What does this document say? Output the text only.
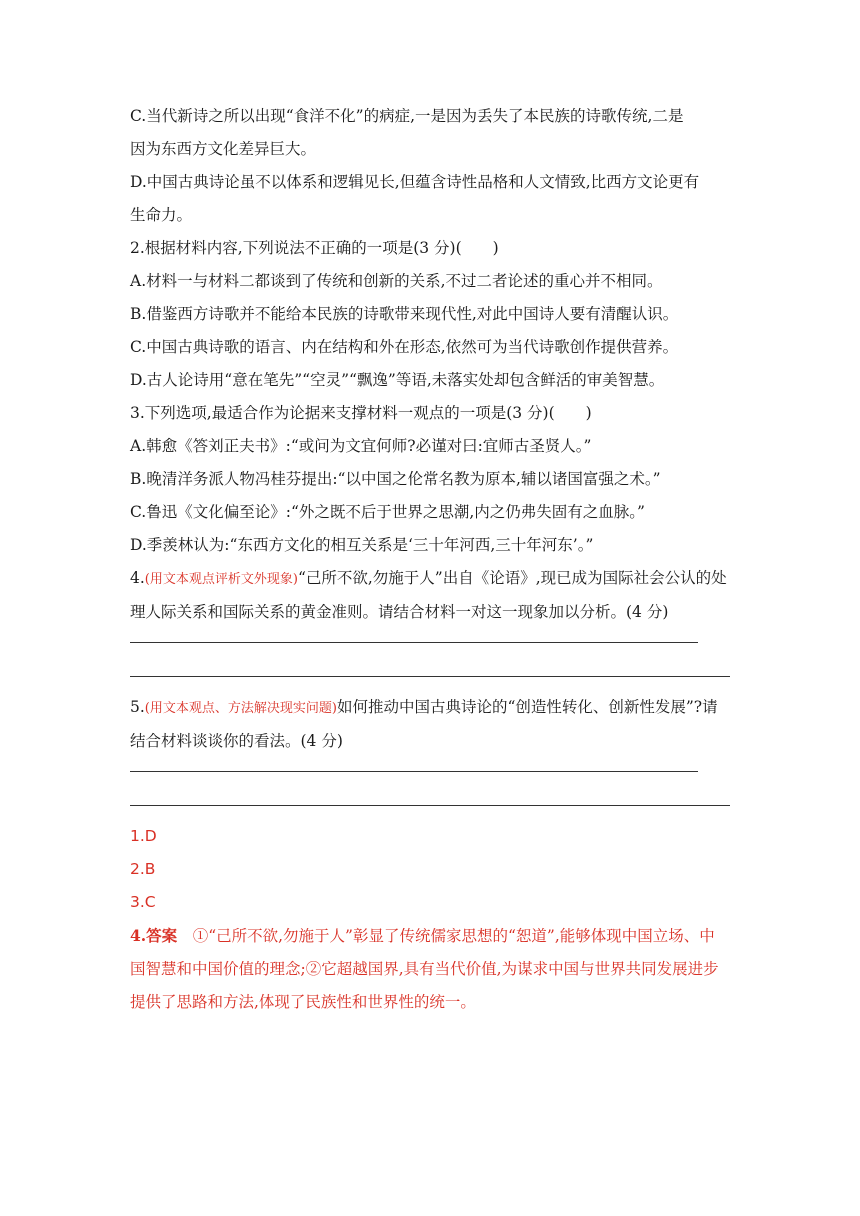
C.当代新诗之所以出现“食洋不化”的病症,一是因为丢失了本民族的诗歌传统,二是
因为东西方文化差异巨大。
D.中国古典诗论虽不以体系和逻辑见长,但蕴含诗性品格和人文情致,比西方文论更有
生命力。
2.根据材料内容,下列说法不正确的一项是(3 分)(　　)
A.材料一与材料二都谈到了传统和创新的关系,不过二者论述的重心并不相同。
B.借鉴西方诗歌并不能给本民族的诗歌带来现代性,对此中国诗人要有清醒认识。
C.中国古典诗歌的语言、内在结构和外在形态,依然可为当代诗歌创作提供营养。
D.古人论诗用“意在笔先”“空灵”“飘逸”等语,未落实处却包含鲜活的审美智慧。
3.下列选项,最适合作为论据来支撑材料一观点的一项是(3 分)(　　)
A.韩愈《答刘正夫书》:“或问为文宜何师?必谨对曰:宜师古圣贤人。”
B.晚清洋务派人物冯桂芬提出:“以中国之伦常名教为原本,辅以诸国富强之术。”
C.鲁迅《文化偏至论》:“外之既不后于世界之思潮,内之仍弗失固有之血脉。”
D.季羡林认为:“东西方文化的相互关系是‘三十年河西,三十年河东’。”
4.(用文本观点评析文外现象)“己所不欲,勿施于人”出自《论语》,现已成为国际社会公认的处理人际关系和国际关系的黄金准则。请结合材料一对这一现象加以分析。(4 分)
5.(用文本观点、方法解决现实问题)如何推动中国古典诗论的“创造性转化、创新性发展”?请结合材料谈谈你的看法。(4 分)
1.D
2.B
3.C
4.答案　 ①“己所不欲,勿施于人”彰显了传统儒家思想的“恕道”,能够体现中国立场、中国智慧和中国价值的理念;②它超越国界,具有当代价值,为谋求中国与世界共同发展进步提供了思路和方法,体现了民族性和世界性的统一。
